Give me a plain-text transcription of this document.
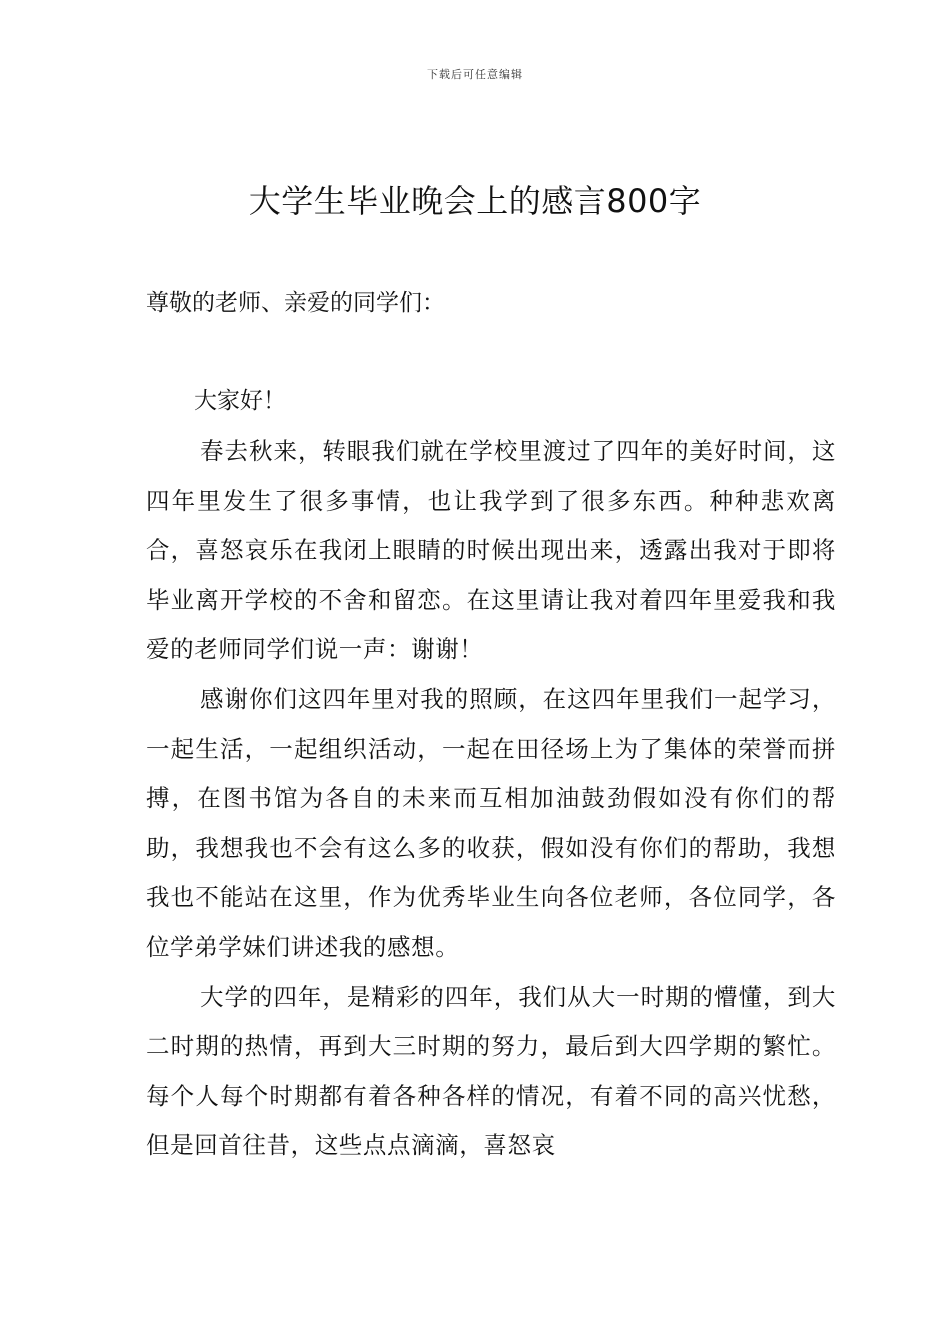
下载后可任意编辑
大学生毕业晚会上的感言800字
尊敬的老师、亲爱的同学们：
大家好！

春去秋来，转眼我们就在学校里渡过了四年的美好时间，这四年里发生了很多事情，也让我学到了很多东西。种种悲欢离合，喜怒哀乐在我闭上眼睛的时候出现出来，透露出我对于即将毕业离开学校的不舍和留恋。在这里请让我对着四年里爱我和我爱的老师同学们说一声：谢谢！

感谢你们这四年里对我的照顾，在这四年里我们一起学习，一起生活，一起组织活动，一起在田径场上为了集体的荣誉而拼搏，在图书馆为各自的未来而互相加油鼓劲假如没有你们的帮助，我想我也不会有这么多的收获，假如没有你们的帮助，我想我也不能站在这里，作为优秀毕业生向各位老师，各位同学，各位学弟学妹们讲述我的感想。

大学的四年，是精彩的四年，我们从大一时期的懵懂，到大二时期的热情，再到大三时期的努力，最后到大四学期的繁忙。每个人每个时期都有着各种各样的情况，有着不同的高兴忧愁，但是回首往昔，这些点点滴滴，喜怒哀
